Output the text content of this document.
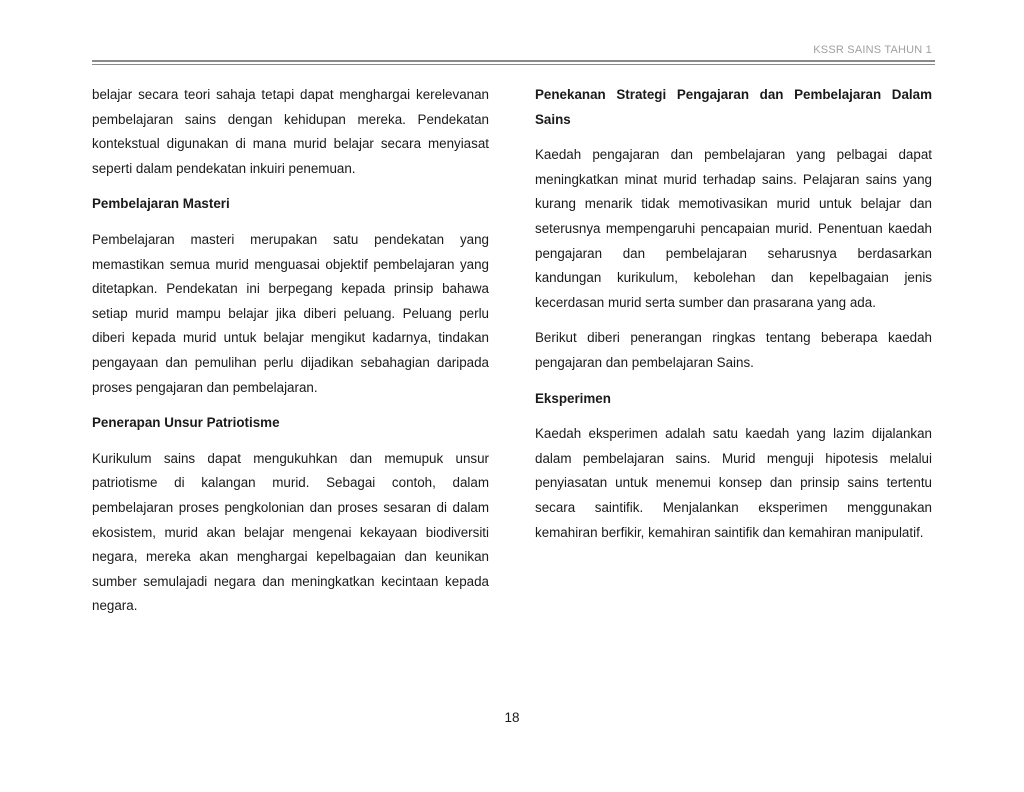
KSSR SAINS TAHUN 1

belajar secara teori sahaja tetapi dapat menghargai kerelevanan pembelajaran sains dengan kehidupan mereka. Pendekatan kontekstual digunakan di mana murid belajar secara menyiasat seperti dalam pendekatan inkuiri penemuan.

Pembelajaran Masteri

Pembelajaran masteri merupakan satu pendekatan yang memastikan semua murid menguasai objektif pembelajaran yang ditetapkan. Pendekatan ini berpegang kepada prinsip bahawa setiap murid mampu belajar jika diberi peluang. Peluang perlu diberi kepada murid untuk belajar mengikut kadarnya, tindakan pengayaan dan pemulihan perlu dijadikan sebahagian daripada proses pengajaran dan pembelajaran.

Penerapan Unsur Patriotisme

Kurikulum sains dapat mengukuhkan dan memupuk unsur patriotisme di kalangan murid. Sebagai contoh, dalam pembelajaran proses pengkolonian dan proses sesaran di dalam ekosistem, murid akan belajar mengenai kekayaan biodiversiti negara, mereka akan menghargai kepelbagaian dan keunikan sumber semulajadi negara dan meningkatkan kecintaan kepada negara.

Penekanan Strategi Pengajaran dan Pembelajaran Dalam Sains

Kaedah pengajaran dan pembelajaran yang pelbagai dapat meningkatkan minat murid terhadap sains. Pelajaran sains yang kurang menarik tidak memotivasikan murid untuk belajar dan seterusnya mempengaruhi pencapaian murid. Penentuan kaedah pengajaran dan pembelajaran seharusnya berdasarkan kandungan kurikulum, kebolehan dan kepelbagaian jenis kecerdasan murid serta sumber dan prasarana yang ada.

Berikut diberi penerangan ringkas tentang beberapa kaedah pengajaran dan pembelajaran Sains.

Eksperimen

Kaedah eksperimen adalah satu kaedah yang lazim dijalankan dalam pembelajaran sains. Murid menguji hipotesis melalui penyiasatan untuk menemui konsep dan prinsip sains tertentu secara saintifik. Menjalankan eksperimen menggunakan kemahiran berfikir, kemahiran saintifik dan kemahiran manipulatif.

18
